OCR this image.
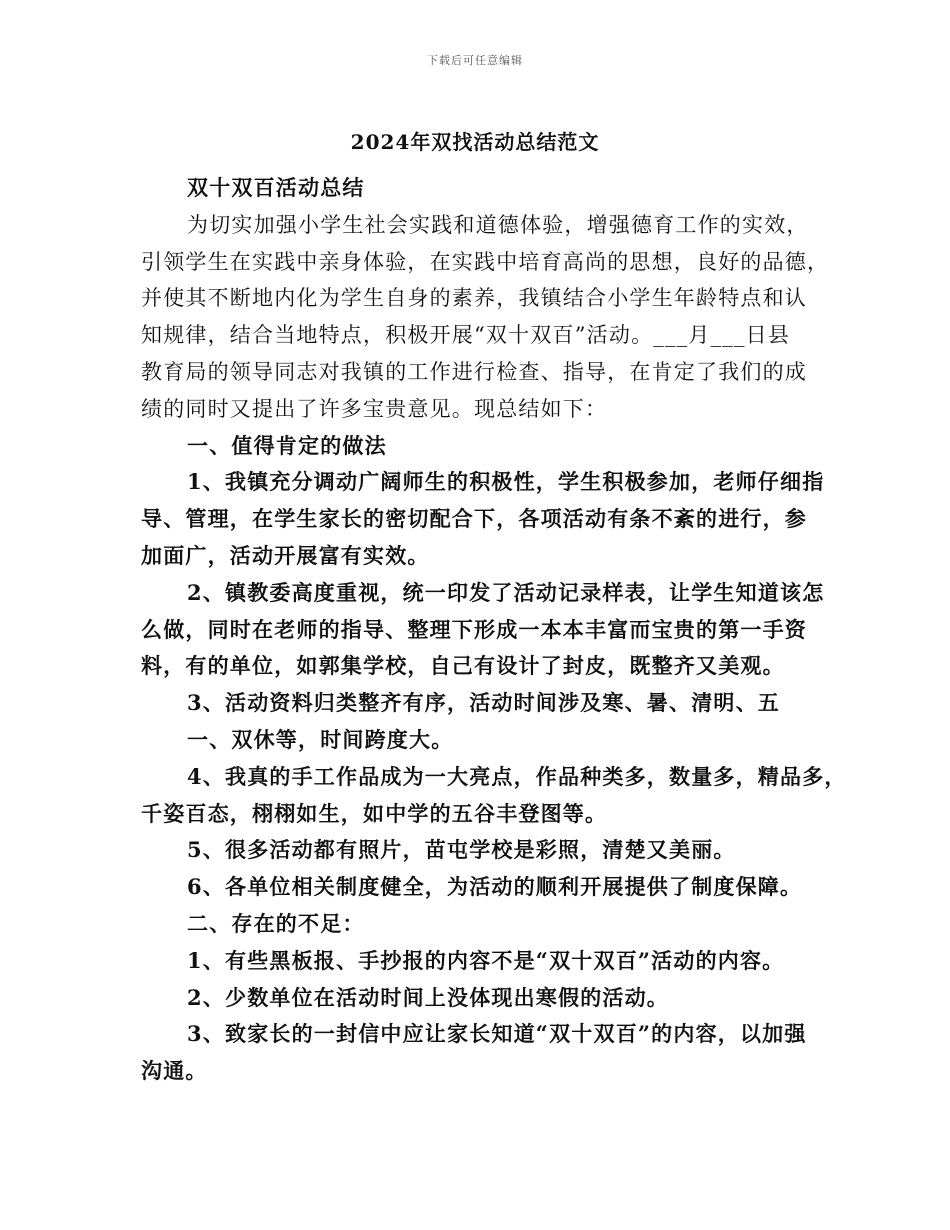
下载后可任意编辑
2024年双找活动总结范文
双十双百活动总结
为切实加强小学生社会实践和道德体验，增强德育工作的实效，
引领学生在实践中亲身体验，在实践中培育高尚的思想，良好的品德，
并使其不断地内化为学生自身的素养，我镇结合小学生年龄特点和认
知规律，结合当地特点，积极开展“双十双百”活动。___月___日县
教育局的领导同志对我镇的工作进行检查、指导，在肯定了我们的成
绩的同时又提出了许多宝贵意见。现总结如下：
一、值得肯定的做法
1、我镇充分调动广阔师生的积极性，学生积极参加，老师仔细指
导、管理，在学生家长的密切配合下，各项活动有条不紊的进行，参
加面广，活动开展富有实效。
2、镇教委高度重视，统一印发了活动记录样表，让学生知道该怎
么做，同时在老师的指导、整理下形成一本本丰富而宝贵的第一手资
料，有的单位，如郭集学校，自己有设计了封皮，既整齐又美观。
3、活动资料归类整齐有序，活动时间涉及寒、暑、清明、五
一、双休等，时间跨度大。
4、我真的手工作品成为一大亮点，作品种类多，数量多，精品多，
千姿百态，栩栩如生，如中学的五谷丰登图等。
5、很多活动都有照片，苗屯学校是彩照，清楚又美丽。
6、各单位相关制度健全，为活动的顺利开展提供了制度保障。
二、存在的不足：
1、有些黑板报、手抄报的内容不是“双十双百”活动的内容。
2、少数单位在活动时间上没体现出寒假的活动。
3、致家长的一封信中应让家长知道“双十双百”的内容，以加强
沟通。
